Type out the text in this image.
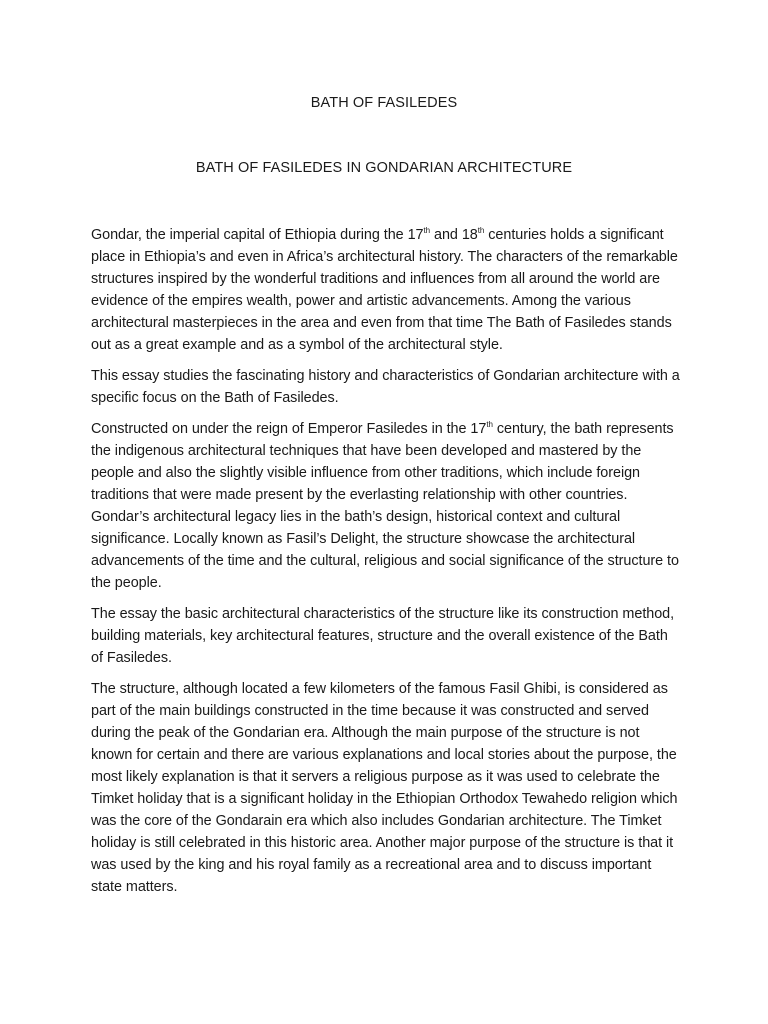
BATH OF FASILEDES
BATH OF FASILEDES IN GONDARIAN ARCHITECTURE

Gondar, the imperial capital of Ethiopia during the 17th and 18th centuries holds a significant place in Ethiopia’s and even in Africa’s architectural history. The characters of the remarkable structures inspired by the wonderful traditions and influences from all around the world are evidence of the empires wealth, power and artistic advancements. Among the various architectural masterpieces in the area and even from that time The Bath of Fasiledes stands out as a great example and as a symbol of the architectural style.

This essay studies the fascinating history and characteristics of Gondarian architecture with a specific focus on the Bath of Fasiledes.

Constructed on under the reign of Emperor Fasiledes in the 17th century, the bath represents the indigenous architectural techniques that have been developed and mastered by the people and also the slightly visible influence from other traditions, which include foreign traditions that were made present by the everlasting relationship with other countries. Gondar’s architectural legacy lies in the bath’s design, historical context and cultural significance. Locally known as Fasil’s Delight, the structure showcase the architectural advancements of the time and the cultural, religious and social significance of the structure to the people.

The essay the basic architectural characteristics of the structure like its construction method, building materials, key architectural features, structure and the overall existence of the Bath of Fasiledes.

The structure, although located a few kilometers of the famous Fasil Ghibi, is considered as part of the main buildings constructed in the time because it was constructed and served during the peak of the Gondarian era. Although the main purpose of the structure is not known for certain and there are various explanations and local stories about the purpose, the most likely explanation is that it servers a religious purpose as it was used to celebrate the Timket holiday that is a significant holiday in the Ethiopian Orthodox Tewahedo religion which was the core of the Gondarain era which also includes Gondarian architecture. The Timket holiday is still celebrated in this historic area. Another major purpose of the structure is that it was used by the king and his royal family as a recreational area and to discuss important state matters.
